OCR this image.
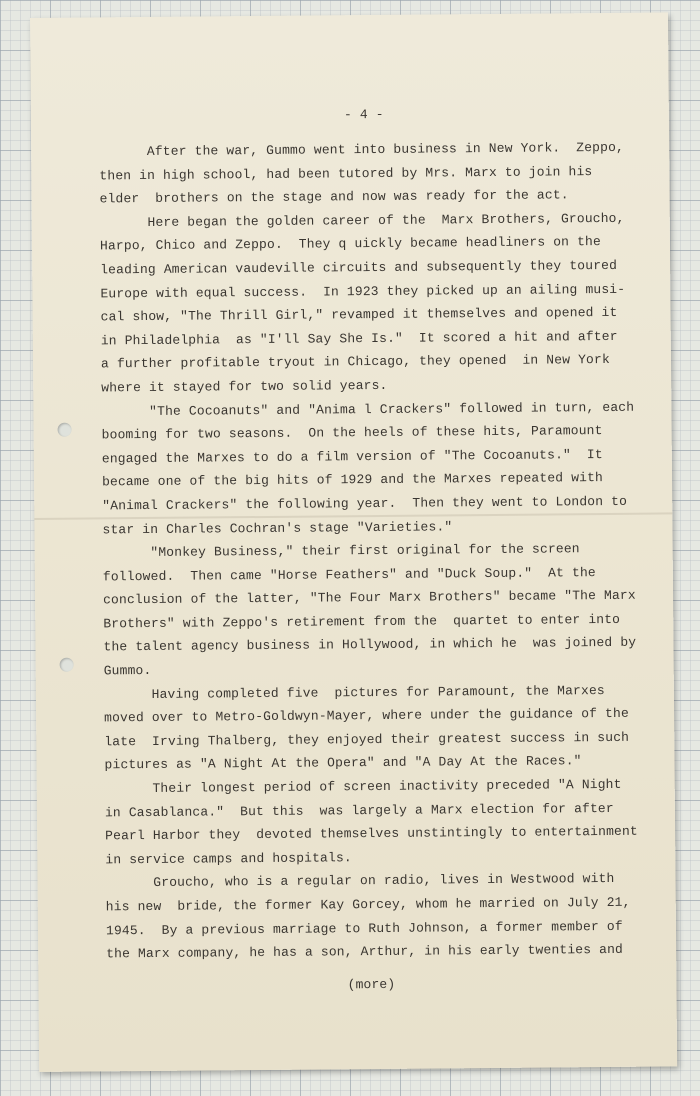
- 4 -
After the war, Gummo went into business in New York.  Zeppo,
then in high school, had been tutored by Mrs. Marx to join his
elder  brothers on the stage and now was ready for the act.
Here began the golden career of the  Marx Brothers, Groucho,
Harpo, Chico and Zeppo.  They q uickly became headliners on the
leading American vaudeville circuits and subsequently they toured
Europe with equal success.  In 1923 they picked up an ailing musi-
cal show, "The Thrill Girl," revamped it themselves and opened it
in Philadelphia  as "I'll Say She Is."  It scored a hit and after
a further profitable tryout in Chicago, they opened  in New York
where it stayed for two solid years.
"The Cocoanuts" and "Anima l Crackers" followed in turn, each
booming for two seasons.  On the heels of these hits, Paramount
engaged the Marxes to do a film version of "The Cocoanuts."  It
became one of the big hits of 1929 and the Marxes repeated with
"Animal Crackers" the following year.  Then they went to London to
star in Charles Cochran's stage "Varieties."
"Monkey Business," their first original for the screen
followed.  Then came "Horse Feathers" and "Duck Soup."  At the
conclusion of the latter, "The Four Marx Brothers" became "The Marx
Brothers" with Zeppo's retirement from the  quartet to enter into
the talent agency business in Hollywood, in which he  was joined by
Gummo.
Having completed five  pictures for Paramount, the Marxes
moved over to Metro-Goldwyn-Mayer, where under the guidance of the
late  Irving Thalberg, they enjoyed their greatest success in such
pictures as "A Night At the Opera" and "A Day At the Races."
Their longest period of screen inactivity preceded "A Night
in Casablanca."  But this  was largely a Marx election for after
Pearl Harbor they  devoted themselves unstintingly to entertainment
in service camps and hospitals.
Groucho, who is a regular on radio, lives in Westwood with
his new  bride, the former Kay Gorcey, whom he married on July 21,
1945.  By a previous marriage to Ruth Johnson, a former member of
the Marx company, he has a son, Arthur, in his early twenties and
(more)
